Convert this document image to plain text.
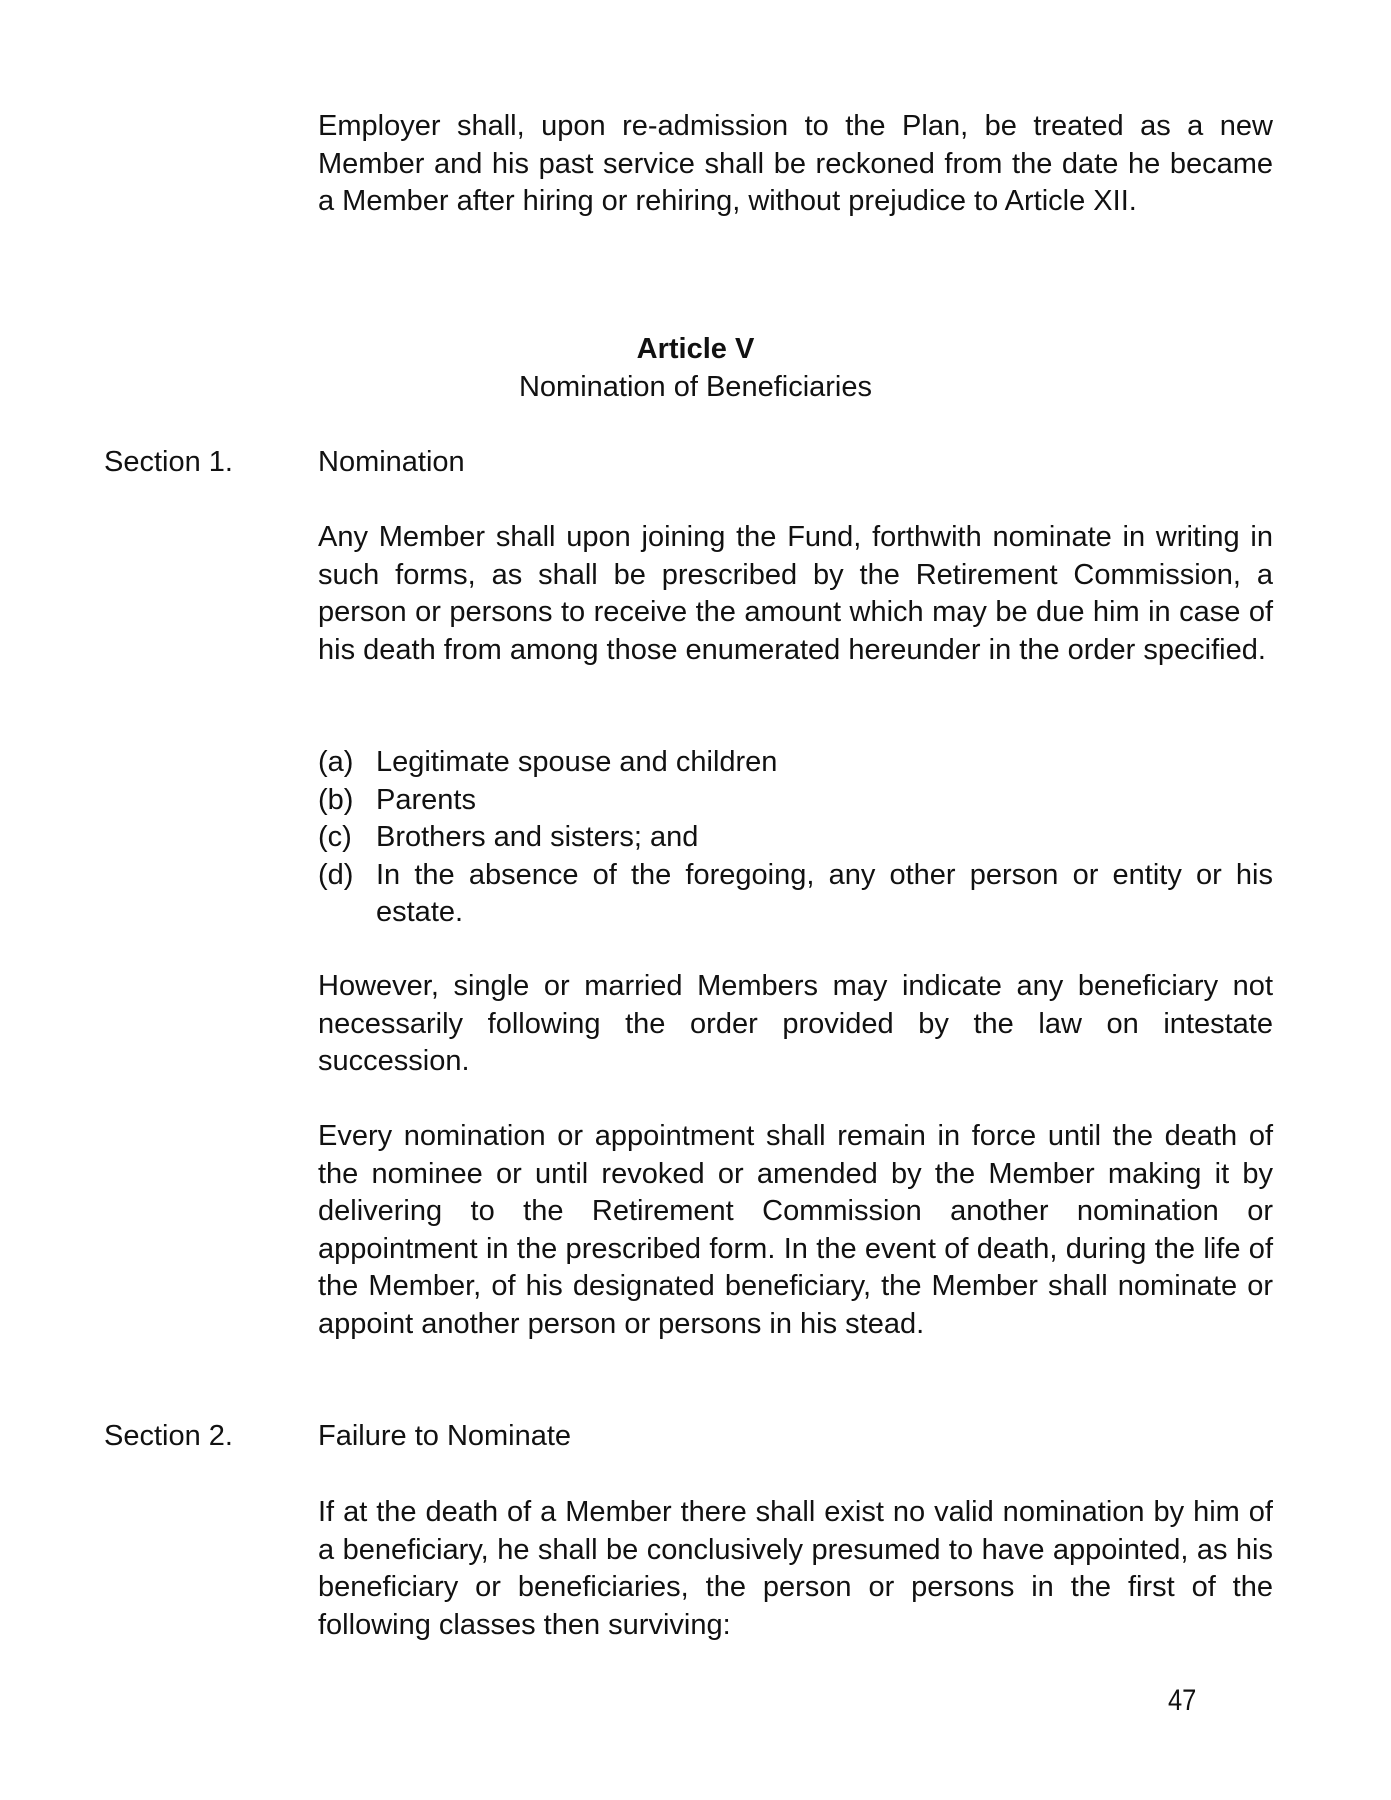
Employer shall, upon re-admission to the Plan, be treated as a new Member and his past service shall be reckoned from the date he became a Member after hiring or rehiring, without prejudice to Article XII.

Article V

Nomination of Beneficiaries

Section 1.	Nomination

Any Member shall upon joining the Fund, forthwith nominate in writing in such forms, as shall be prescribed by the Retirement Commission, a person or persons to receive the amount which may be due him in case of his death from among those enumerated hereunder in the order specified.

(a) Legitimate spouse and children
(b) Parents
(c) Brothers and sisters; and
(d) In the absence of the foregoing, any other person or entity or his estate.

However, single or married Members may indicate any beneficiary not necessarily following the order provided by the law on intestate succession.

Every nomination or appointment shall remain in force until the death of the nominee or until revoked or amended by the Member making it by delivering to the Retirement Commission another nomination or appointment in the prescribed form. In the event of death, during the life of the Member, of his designated beneficiary, the Member shall nominate or appoint another person or persons in his stead.

Section 2.	Failure to Nominate

If at the death of a Member there shall exist no valid nomination by him of a beneficiary, he shall be conclusively presumed to have appointed, as his beneficiary or beneficiaries, the person or persons in the first of the following classes then surviving:

47
